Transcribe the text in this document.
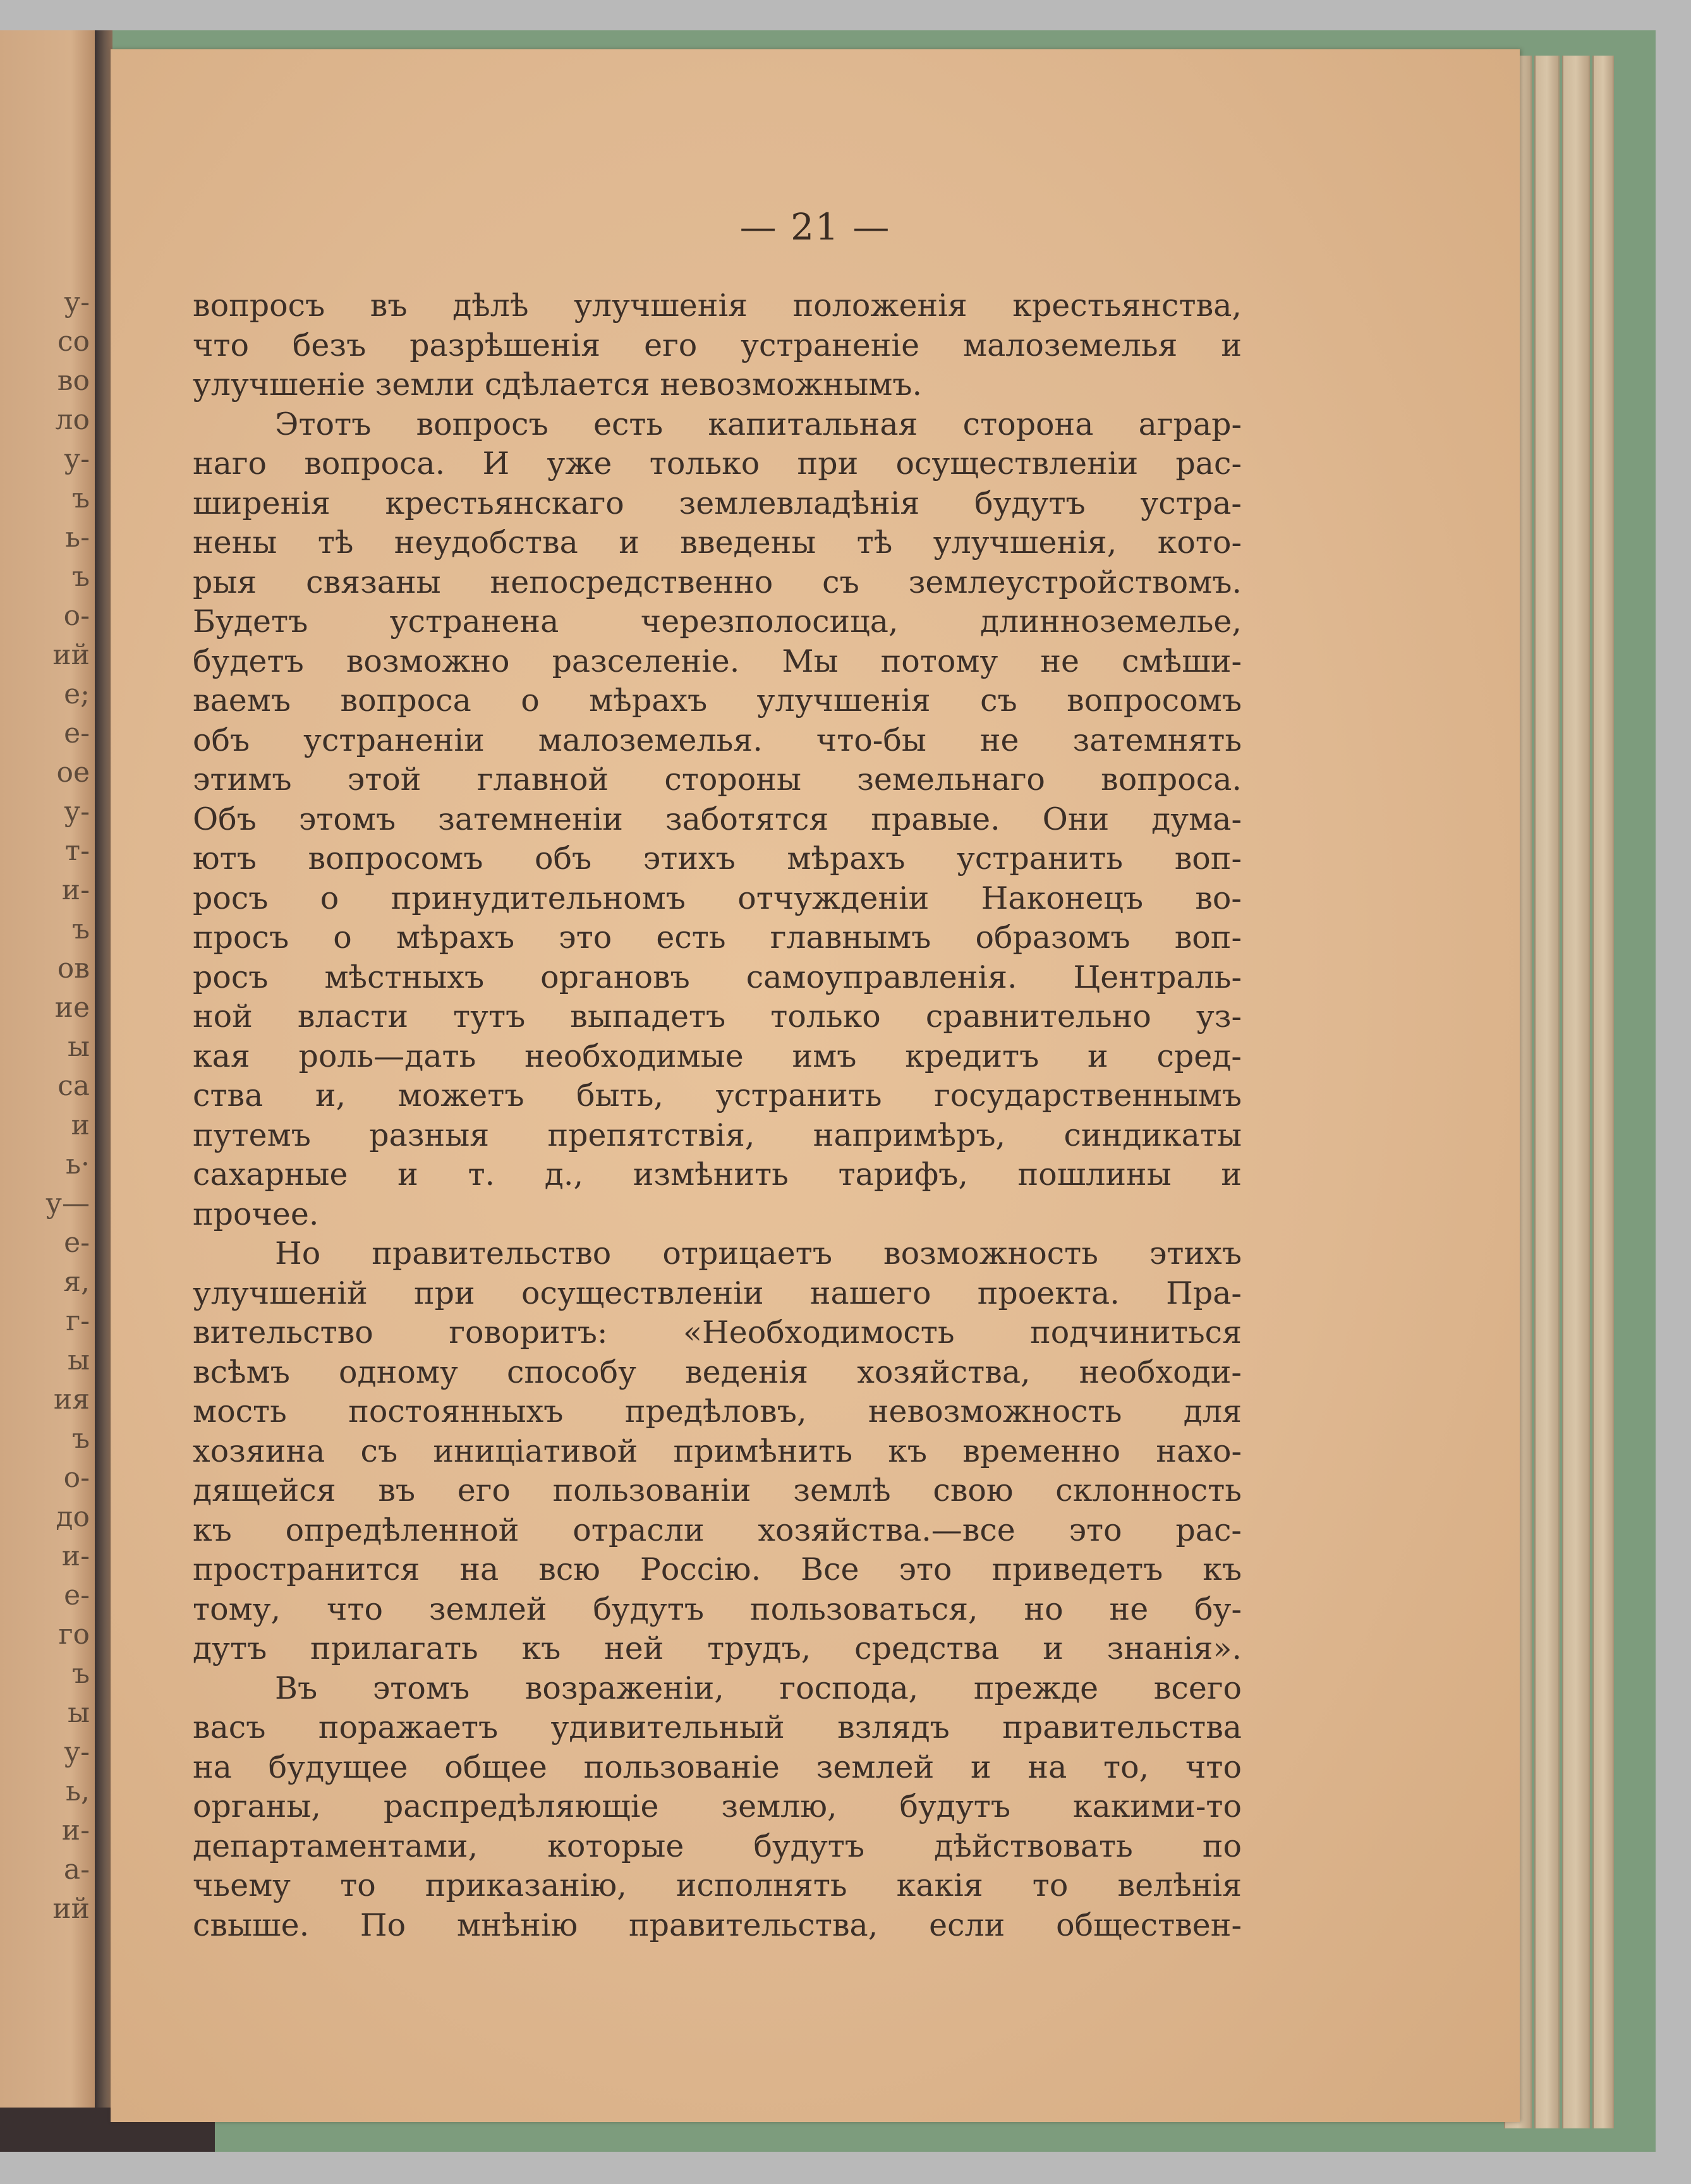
у-
со
во
ло
у-
ъ
ь-
ъ
о-
ий
е;
е-
ое
у-
т-
и-
ъ
ов
ие
ы
са
и
ь·
у—
е-
я,
г-
ы
ия
ъ
о-
до
и-
е-
го
ъ
ы
у-
ь,
и-
а-
ий
— 21 —
вопросъ въ дѣлѣ улучшенія положенія крестьянства,
что безъ разрѣшенія его устраненіе малоземелья и
улучшеніе земли сдѣлается невозможнымъ.
Этотъ вопросъ есть капитальная сторона аграр-
наго вопроса. И уже только при осуществленіи рас-
ширенія крестьянскаго землевладѣнія будутъ устра-
нены тѣ неудобства и введены тѣ улучшенія, кото-
рыя связаны непосредственно съ землеустройствомъ.
Будетъ устранена черезполосица, длинноземелье,
будетъ возможно разселеніе. Мы потому не смѣши-
ваемъ вопроса о мѣрахъ улучшенія съ вопросомъ
объ устраненіи малоземелья. что-бы не затемнять
этимъ этой главной стороны земельнаго вопроса.
Объ этомъ затемненіи заботятся правые. Они дума-
ютъ вопросомъ объ этихъ мѣрахъ устранить воп-
росъ о принудительномъ отчужденіи Наконецъ во-
просъ о мѣрахъ это есть главнымъ образомъ воп-
росъ мѣстныхъ органовъ самоуправленія. Централь-
ной власти тутъ выпадетъ только сравнительно уз-
кая роль—дать необходимые имъ кредитъ и сред-
ства и, можетъ быть, устранить государственнымъ
путемъ разныя препятствія, напримѣръ, синдикаты
сахарные и т. д., измѣнить тарифъ, пошлины и
прочее.
Но правительство отрицаетъ возможность этихъ
улучшеній при осуществленіи нашего проекта. Пра-
вительство говоритъ: «Необходимость подчиниться
всѣмъ одному способу веденія хозяйства, необходи-
мость постоянныхъ предѣловъ, невозможность для
хозяина съ иниціативой примѣнить къ временно нахо-
дящейся въ его пользованіи землѣ свою склонность
къ опредѣленной отрасли хозяйства.—все это рас-
пространится на всю Россію. Все это приведетъ къ
тому, что землей будутъ пользоваться, но не бу-
дутъ прилагать къ ней трудъ, средства и знанія».
Въ этомъ возраженіи, господа, прежде всего
васъ поражаетъ удивительный взлядъ правительства
на будущее общее пользованіе землей и на то, что
органы, распредѣляющіе землю, будутъ какими-то
департаментами, которые будутъ дѣйствовать по
чьему то приказанію, исполнять какія то велѣнія
свыше. По мнѣнію правительства, если обществен-
